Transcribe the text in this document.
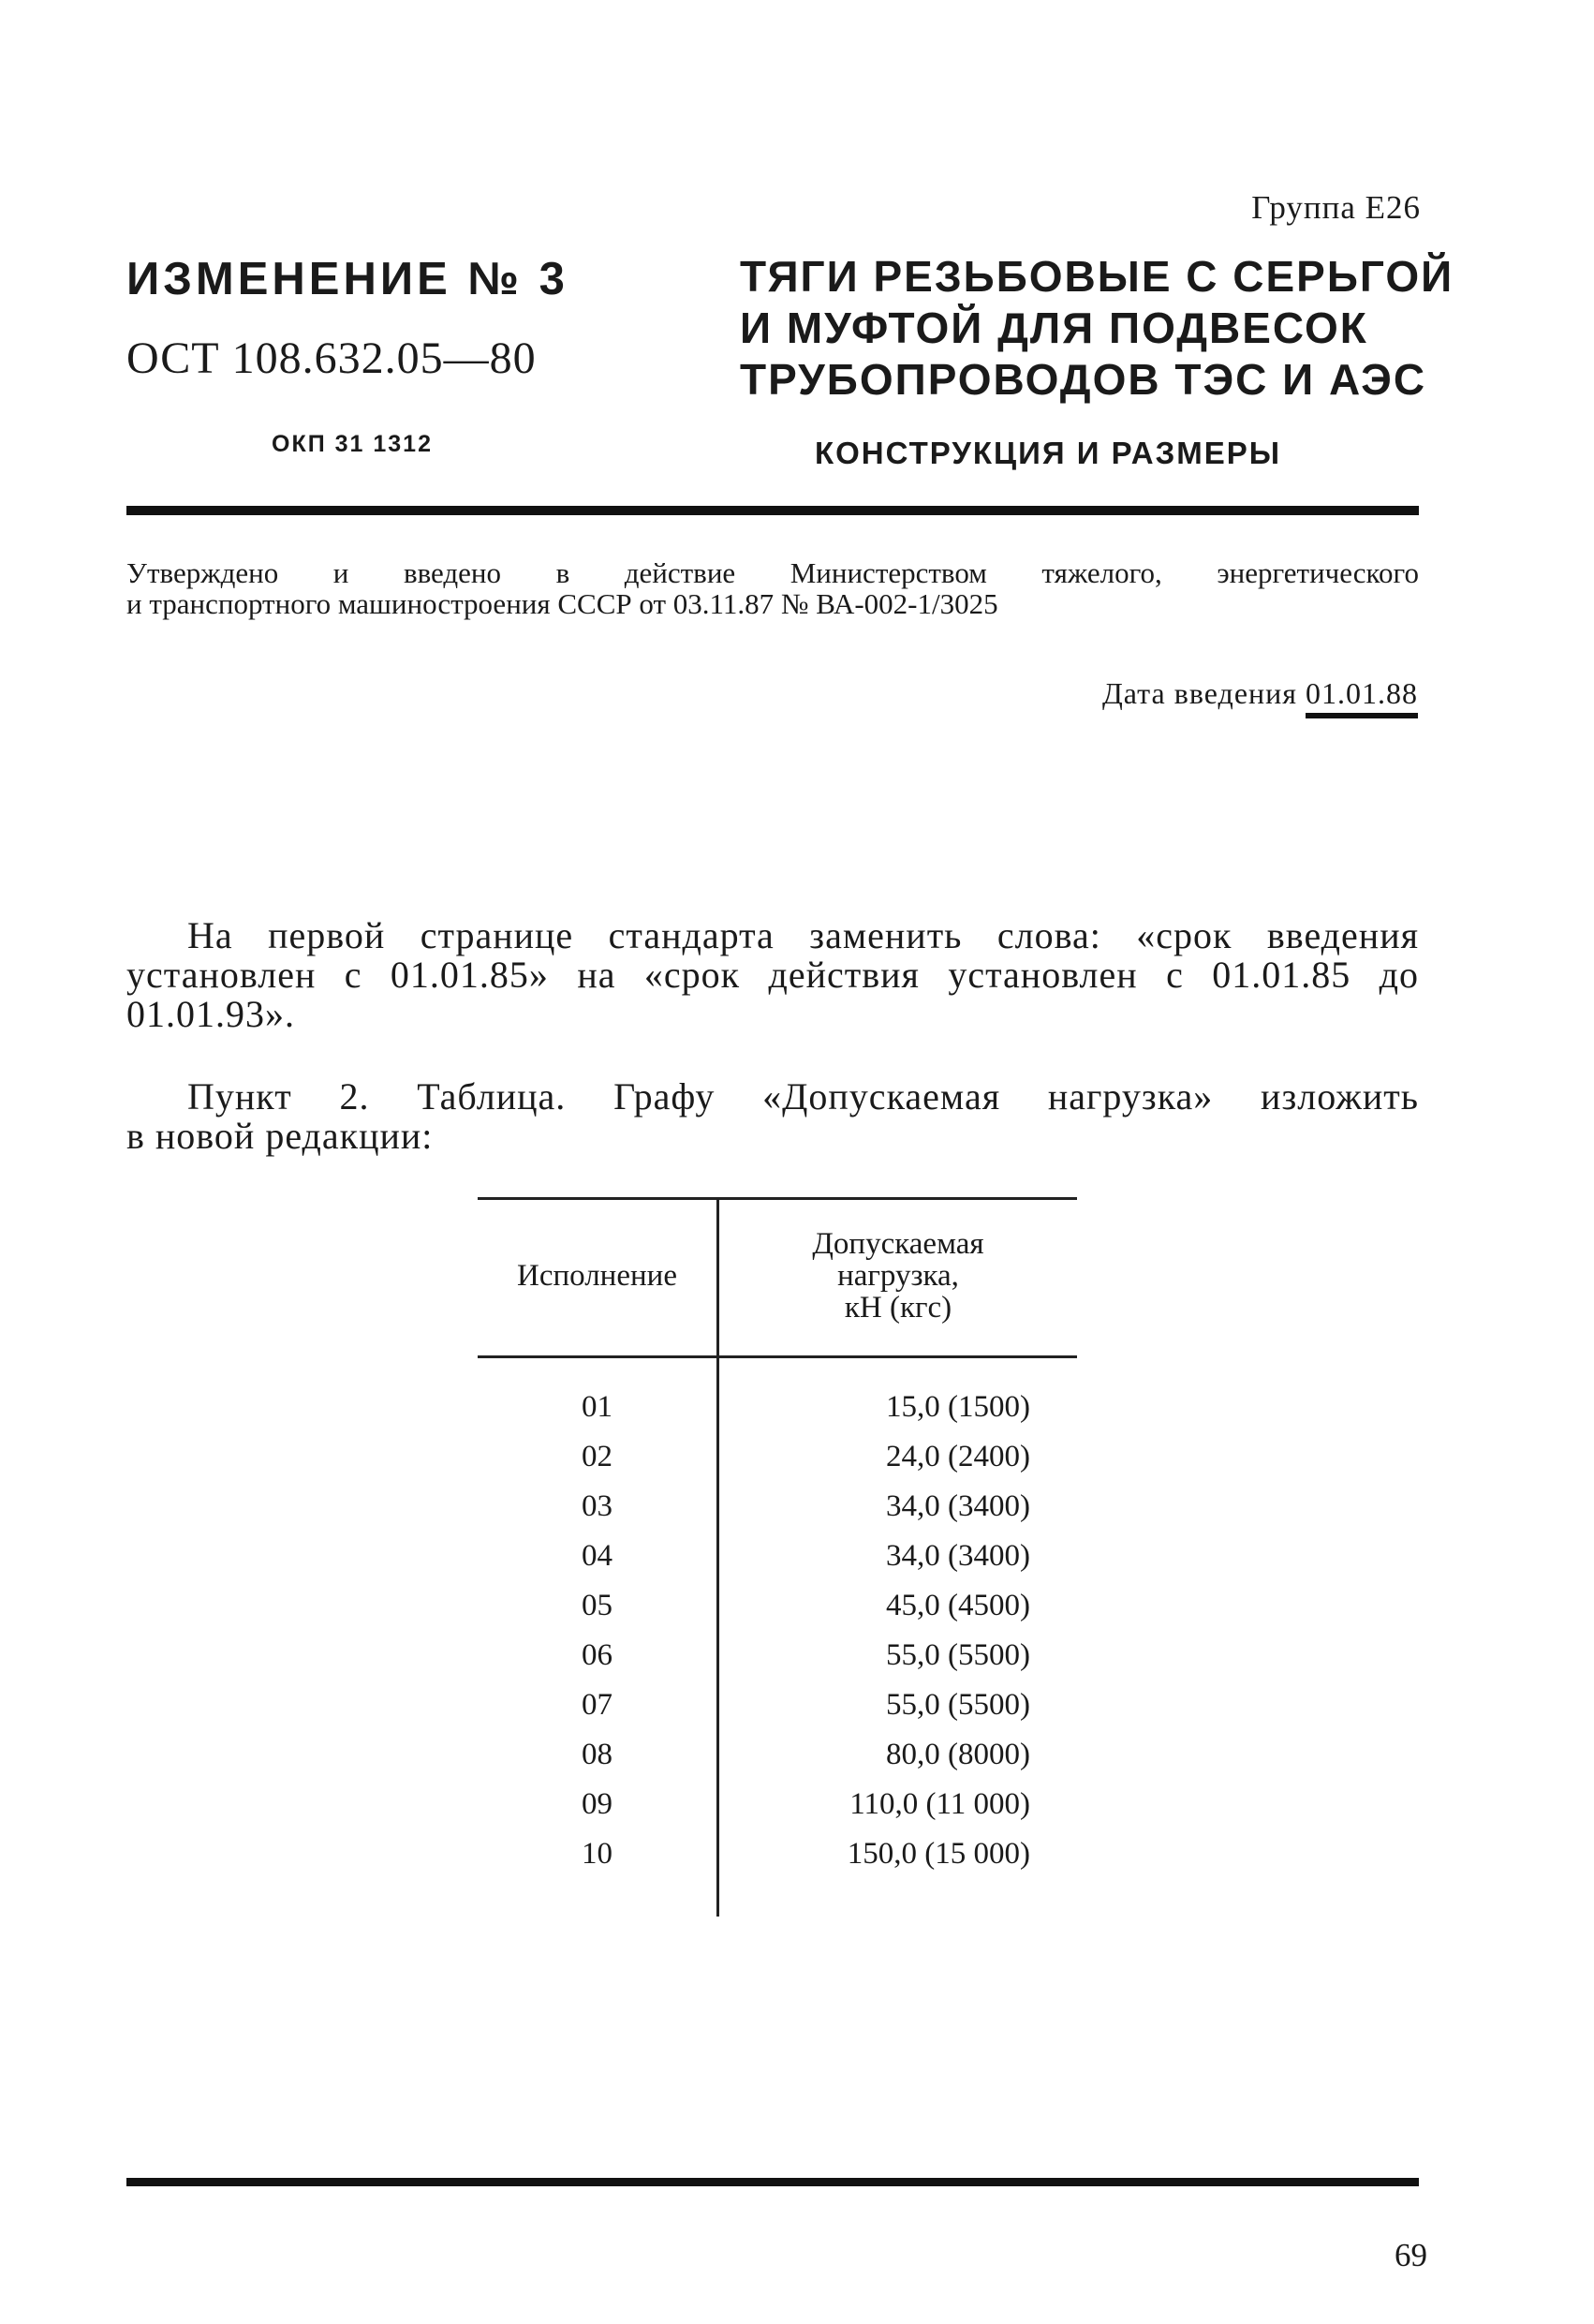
Группа Е26
ИЗМЕНЕНИЕ № 3
ОСТ 108.632.05—80
ОКП 31 1312
ТЯГИ РЕЗЬБОВЫЕ С СЕРЬГОЙ
И МУФТОЙ ДЛЯ ПОДВЕСОК
ТРУБОПРОВОДОВ ТЭС И АЭС
КОНСТРУКЦИЯ И РАЗМЕРЫ
Утверждено и введено в действие Министерством тяжелого, энергетического
и транспортного машиностроения СССР от 03.11.87 № ВА-002-1/3025
Дата введения 01.01.88
На первой странице стандарта заменить слова: «срок введения
установлен с 01.01.85» на «срок действия установлен с 01.01.85 до
01.01.93».
Пункт 2. Таблица. Графу «Допускаемая нагрузка» изложить
в новой редакции:
Исполнение	Допускаемая
нагрузка,
кН (кгс)

01	15,0 (1500)
02	24,0 (2400)
03	34,0 (3400)
04	34,0 (3400)
05	45,0 (4500)
06	55,0 (5500)
07	55,0 (5500)
08	80,0 (8000)
09	110,0 (11 000)
10	150,0 (15 000)

69
